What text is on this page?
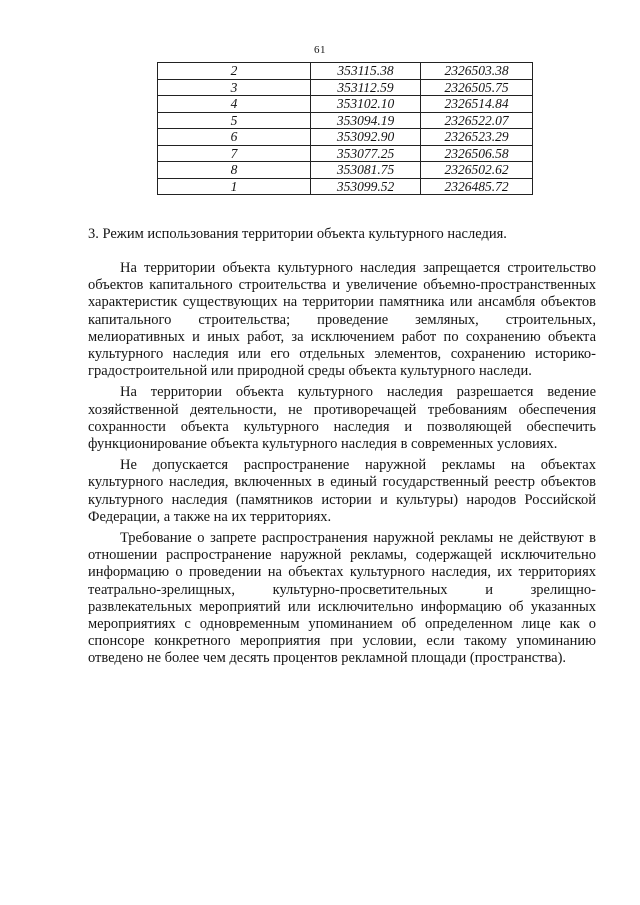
61
2	353115.38	2326503.38
3	353112.59	2326505.75
4	353102.10	2326514.84
5	353094.19	2326522.07
6	353092.90	2326523.29
7	353077.25	2326506.58
8	353081.75	2326502.62
1	353099.52	2326485.72
3. Режим использования территории объекта культурного наследия.

На территории объекта культурного наследия запрещается строительство объектов капитального строительства и увеличение объемно-пространственных характеристик существующих на территории памятника или ансамбля объектов капитального строительства; проведение земляных, строительных, мелиоративных и иных работ, за исключением работ по сохранению объекта культурного наследия или его отдельных элементов, сохранению историко-градостроительной или природной среды объекта культурного наследи.

На территории объекта культурного наследия разрешается ведение хозяйственной деятельности, не противоречащей требованиям обеспечения сохранности объекта культурного наследия и позволяющей обеспечить функционирование объекта культурного наследия в современных условиях.

Не допускается распространение наружной рекламы на объектах культурного наследия, включенных в единый государственный реестр объектов культурного наследия (памятников истории и культуры) народов Российской Федерации, а также на их территориях.

Требование о запрете распространения наружной рекламы не действуют в отношении распространение наружной рекламы, содержащей исключительно информацию о проведении на объектах культурного наследия, их территориях театрально-зрелищных, культурно-просветительных и зрелищно-развлекательных мероприятий или исключительно информацию об указанных мероприятиях с одновременным упоминанием об определенном лице как о спонсоре конкретного мероприятия при условии, если такому упоминанию отведено не более чем десять процентов рекламной площади (пространства).
